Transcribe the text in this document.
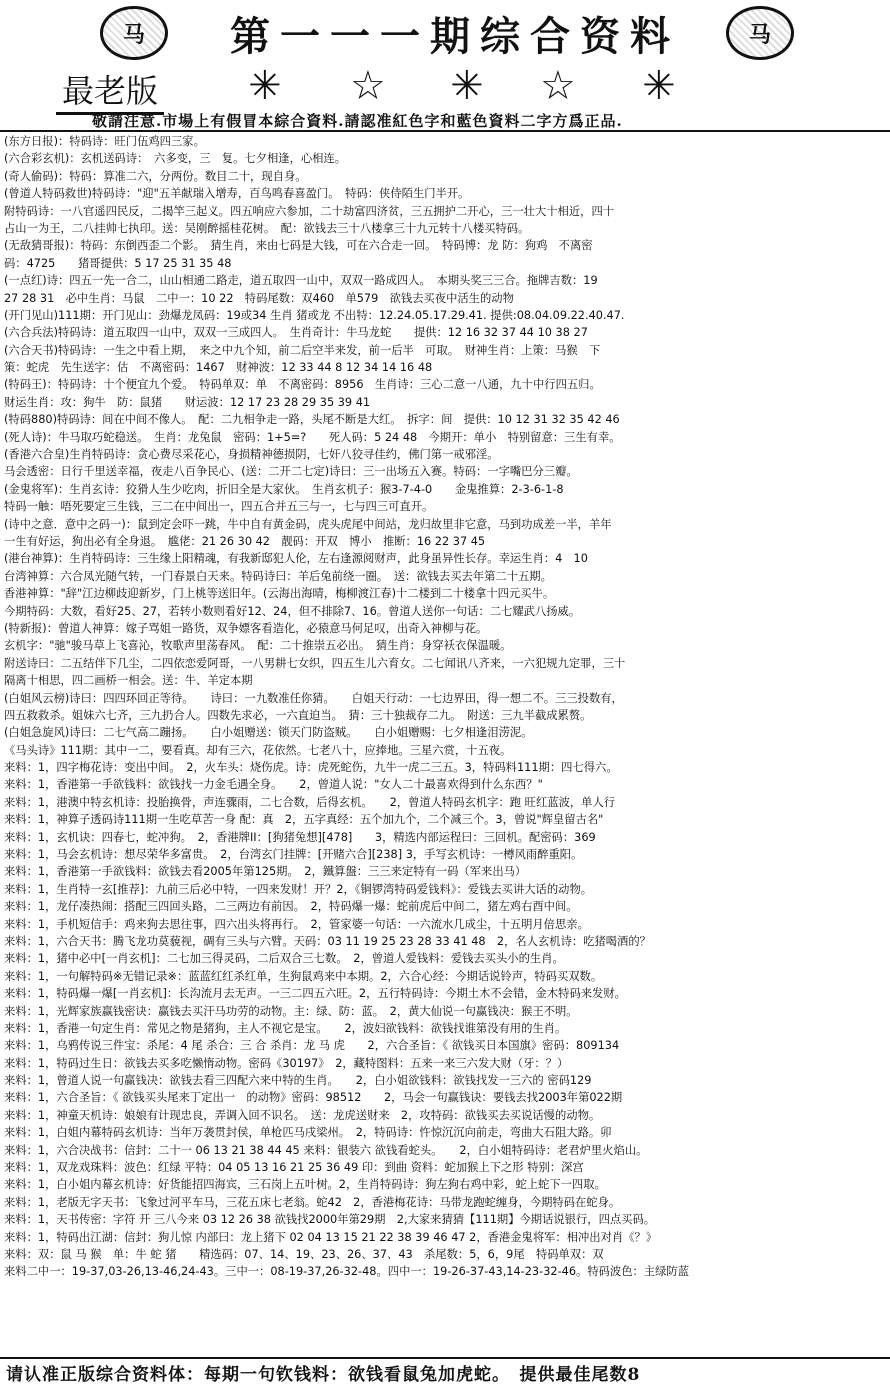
马	第一一一期综合资料	马
最老版 ✳ ☆ ✳ ☆ ✳
敬請注意.市場上有假冒本綜合資料.請認准紅色字和藍色資料二字方爲正品.
(东方日报)：特码诗：旺门伍鸡四三家。
(六合彩玄机)：玄机送码诗：　六多变，三　复。七夕相逢，心相连。
(奇人偷码)：特码：算准二六，分两份。数目二十，现自身。
(曾道人特码救世)特码诗："迎"五羊献瑞入增寿，百鸟鸣春喜盈门。　特码：侠侍陌生门半开。
附特码诗：一八官遥四民反，二揭竿三起义。四五响应六参加，二十劫富四济贫，三五拥护二开心，三一壮大十相近，四十
占山一为王，二八挂帅七执印。送：吴刚醉摇桂花树。　配：欲钱去三十八楼拿三十九元转十八楼买特码。
(无敌猜哥报)：特码：东倒西歪二个影。　猜生肖，来由七码是大钱，可在六合走一回。　特码博：龙 防：狗鸡　不离密
码：4725　　猪哥提供：5 17 25 31 35 48
(一点红)诗：四五一先一合二，山山相通二路走，道五取四一山中，双双一路成四人。　本期头奖三三合。拖牌吉数：19
27 28 31　必中生肖：马鼠　二中一：10 22　特码尾数：双460　单579　欲钱去买夜中活生的动物
(开门见山)111期：开门见山：劲爆龙凤码：19或34 生肖 猪或龙 不出特：12.24.05.17.29.41. 提供:08.04.09.22.40.47.
(六合兵法)特码诗：道五取四一山中，双双一三成四人。　生肖奇计：牛马龙蛇　　提供：12 16 32 37 44 10 38 27
(六合天书)特码诗：一生之中看上期，　来之中九个知，前二后空半来发，前一后半　可取。　财神生肖：上策：马猴　下
策：蛇虎　先生送字：估　不离密码：1467　财神波：12 33 44 8 12 34 14 16 48
(特码王)：特码诗：十个便宜九个爱。　特码单双：单　不离密码：8956　生肖诗：三心二意一八通，九十中行四五归。
财运生肖：攻：狗牛　防：鼠猪　　财运波：12 17 23 28 29 35 39 41
(特码880)特码诗：间在中间不像人。　配：二九相争走一路，头尾不断是大红。　拆字：间　提供：10 12 31 32 35 42 46
(死人诗)：牛马取巧蛇稳送。　生肖：龙兔鼠　密码：1+5=?　　死人码：5 24 48　今期开：单小　特别留意：三生有幸。
(香港六合皇)生肖特码诗：贪心费尽采花心，身损精神德损阴，七奸八狡寻佳约，佛门第一戒邪淫。
马会透密：日行千里送幸福，夜走八百争民心、(送：二开二七定)诗曰：三一出场五入赛。特码：一字嘴巴分三瓣。
(金鬼将军)：生肖玄诗：狡猾人生少吃肉，折旧全是大家伙。　生肖玄机子：猴3-7-4-0　　金鬼推算：2-3-6-1-8
特码一触：唔死要定三生钱，三二在中间出一，四五合并五三与一，七与四三可直开。
(诗中之意．意中之码一)：鼠到定会吓一跳，牛中自有黄金码，虎头虎尾中间站，龙归故里非它意，马到功成差一半，羊年
一生有好运，狗出必有全身退。　尴佬：21 26 30 42　靓码：开双　博小　推断：16 22 37 45
(港台神算)：生肖特码诗：三生缘上阳精魂，有我新邸犯人伦，左右逢源阅财声，此身虽异性长存。幸运生肖：4　10
台湾神算：六合凤光随气转，一门春景白天来。特码诗曰：羊后兔前绕一圈。　送：欲钱去买去年第二十五期。
香港神算："辞"江边柳歧迎新岁，门上桃等送旧年。(云海出海晴，梅柳渡江春)十二楼到二十楼拿十四元买牛。
今期特码：大数，看好25、27，若转小数则看好12、24，但不排除7、16。曾道人送你一句话：二七耀武八扬威。
(特新报)：曾道人神算：嫁子骂姐一路货，双争嫖客看造化，必猿意马何足叹，出奇入神柳与花。
玄机字："驰"骏马草上飞喜沁，牧歌声里荡春风。　配：二十推崇五必出。　猜生肖：身穿袄衣保温暖。
附送诗曰：二五结伴下几尘，二四依恋爱阿哥，一八男耕七女织，四五生儿六育女。二七闻讯八齐来，一六犯规九定罪，三十
隔离十相思，四二画桥一相会。送：牛、羊定本期
(白姐风云榜)诗曰：四四环回正等待。　　诗曰：一九数准任你猜。　　白姐天行动：一七边界田，得一想二不。三三投数有，
四五救救杀。姐妹六七齐，三九扔合人。四数先求必，一六直迫当。　猜：三十独裁存二九。　附送：三九半截成累赘。
(白姐急旋风)诗曰：二七气高二蹦扬。　　白小姐赠送：锁天门防盗贼。　　白小姐赠赐：七夕相逢泪涝泥。
《马头诗》111期：其中一二，要看真。却有三六，花依然。七老八十，应捧地。三星六赏，十五夜。
来料：1，四字梅花诗：变出中间。　2，火车头：烧伤虎。诗：虎死蛇伤，九牛一虎二三五。3，特码料111期：四七得六。
来料：1，香港第一手欲钱料：欲钱找一力金毛遇全身。　　2，曾道人说："女人二十最喜欢得到什么东西？"
来料：1，港澳中特玄机诗：投胎换骨，声连骤雨，二七合数，后得玄机。　　2，曾道人特码玄机字：跑 旺红蓝波，单人行
来料：1，神算子透码诗111期一生吃草苦一身 配：真　2，五字真经：五个加九个，二个减三个。3，曾说"辉皇留古名"
来料：1，玄机诀：四春七，蛇冲狗。　2，香港牌II：[狗猪兔想][478]　　3，精选内部运程曰：三回机。配密码：369
来料：1，马会玄机诗：想尽荣华多富贵。　2，台湾玄门挂牌：[开赌六合][238] 3，手写玄机诗：一樽风雨醉重阳。
来料：1，香港第一手欲钱料：欲钱去看2005年第125期。　2，鐵算盤：三三来定特有一码（军来出马）
来料：1，生肖特一玄[推荐]：九前三后必中特，一四来发财！开？2，《铜锣湾特码爱钱料》：爱钱去买讲大话的动物。
来料：1，龙仔凑热闹：搭配三四回头路，二三两边有前因。　2，特码爆一爆：蛇前虎后中间二，猪左鸡右酉中间。
来料：1，手机短信手：鸡来狗去思往事，四六出头将再行。　2，管家婆一句话：一六流水几成尘，十五明月倍思亲。
来料：1，六合天书：腾飞龙功莫藐视，碉有三头与六臂。天码：03 11 19 25 23 28 33 41 48　2，名人玄机诗：吃猪喝酒的？
来料：1，猪中必中[一肖玄机]：二七加三得灵码，二后双合三七数。　2，曾道人爱钱料：爱钱去买头小的生肖。
来料：1，一句解特码※无错记录※：蓝蓝红红杀红单，生狗鼠鸡来中本期。2，六合心经：今期话说铃声，特码买双数。
来料：1，特码爆一爆[一肖玄机]：长沟流月去无声。一三二四五六旺。2，五行特码诗：今期土木不会错，金木特码来发财。
来料：1，光辉家族赢钱密诀：赢钱去买汗马功劳的动物。主：绿、防：蓝。　2，黄大仙说一句赢钱决：猴王不明。
来料：1，香港一句定生肖：常见之物是猪狗，主人不视它是宝。　　2，波妇欲钱料：欲钱找谁第没有用的生肖。
来料：1，乌鸦传说三件宝：杀尾：4 尾 杀合：三 合 杀肖：龙 马 虎　　2，六合圣旨：《 欲钱买日本国旗》密码：809134
来料：1，特码过生日：欲钱去买多吃懒惰动物。密码《30197》　2，藏特图料：五来一来三六发大财（牙：？）
来料：1，曾道人说一句赢钱决：欲钱去看三四配六来中特的生肖。　　2，白小姐欲钱料：欲钱找发一三六的 密码129
来料：1，六合圣旨：《 欲钱买头尾来丁定出一　的动物》密码：98512　　2，马会一句赢钱诀：要钱去找2003年第022期
来料：1，神童天机诗：娘娘有计现忠良，弄调入回不识名。　送：龙虎送财来　2，攻特码：欲钱买去买说话慢的动物。
来料：1，白姐内幕特码玄机诗：当年万袭贯封侯，单枪匹马戌梁州。　2，特码诗：忤惊沉沉向前走，弯曲大石阻大路。卯
来料：1，六合决战书：信封：二十一 06 13 21 38 44 45 来料：银装六 欲钱看蛇头。　　2，白小姐特码诗：老君炉里火焰山。
来料：1，双龙戏珠料：波色：红绿 平特：04 05 13 16 21 25 36 49 印：到曲 资料：蛇加猴上下之形 特别：深宫
来料：1，白小姐内幕玄机诗：好货能招四海宾，三石岗上五叶树。2，生肖特码诗：狗左狗右鸡中彩，蛇上蛇下一四取。
来料：1，老版无字天书：飞象过河平车马，三花五床七老翁。蛇42　2，香港梅花诗：马带龙跑蛇缠身，今期特码在蛇身。
来料：1，天书传密：字符 开 三八今来 03 12 26 38 欲钱找2000年第29期　2,大家来猜猜【111期】今期话说银行，四点买码。
来料：1，特码出江湖：信封：狗儿惊 内部曰：龙上猪下 02 04 13 15 21 22 38 39 46 47 2，香港金鬼将军：相冲出对肖《？》
来料：双：鼠 马 猴　单：牛 蛇 猪　　精选码：07、14、19、23、26、37、43　杀尾数：5，6，9尾　特码单双：双
来料二中一：19-37,03-26,13-46,24-43。三中一：08-19-37,26-32-48。四中一：19-26-37-43,14-23-32-46。特码波色：主绿防蓝
请认准正版综合资料体：每期一句钦钱料：欲钱看鼠兔加虎蛇。　提供最佳尾数8
